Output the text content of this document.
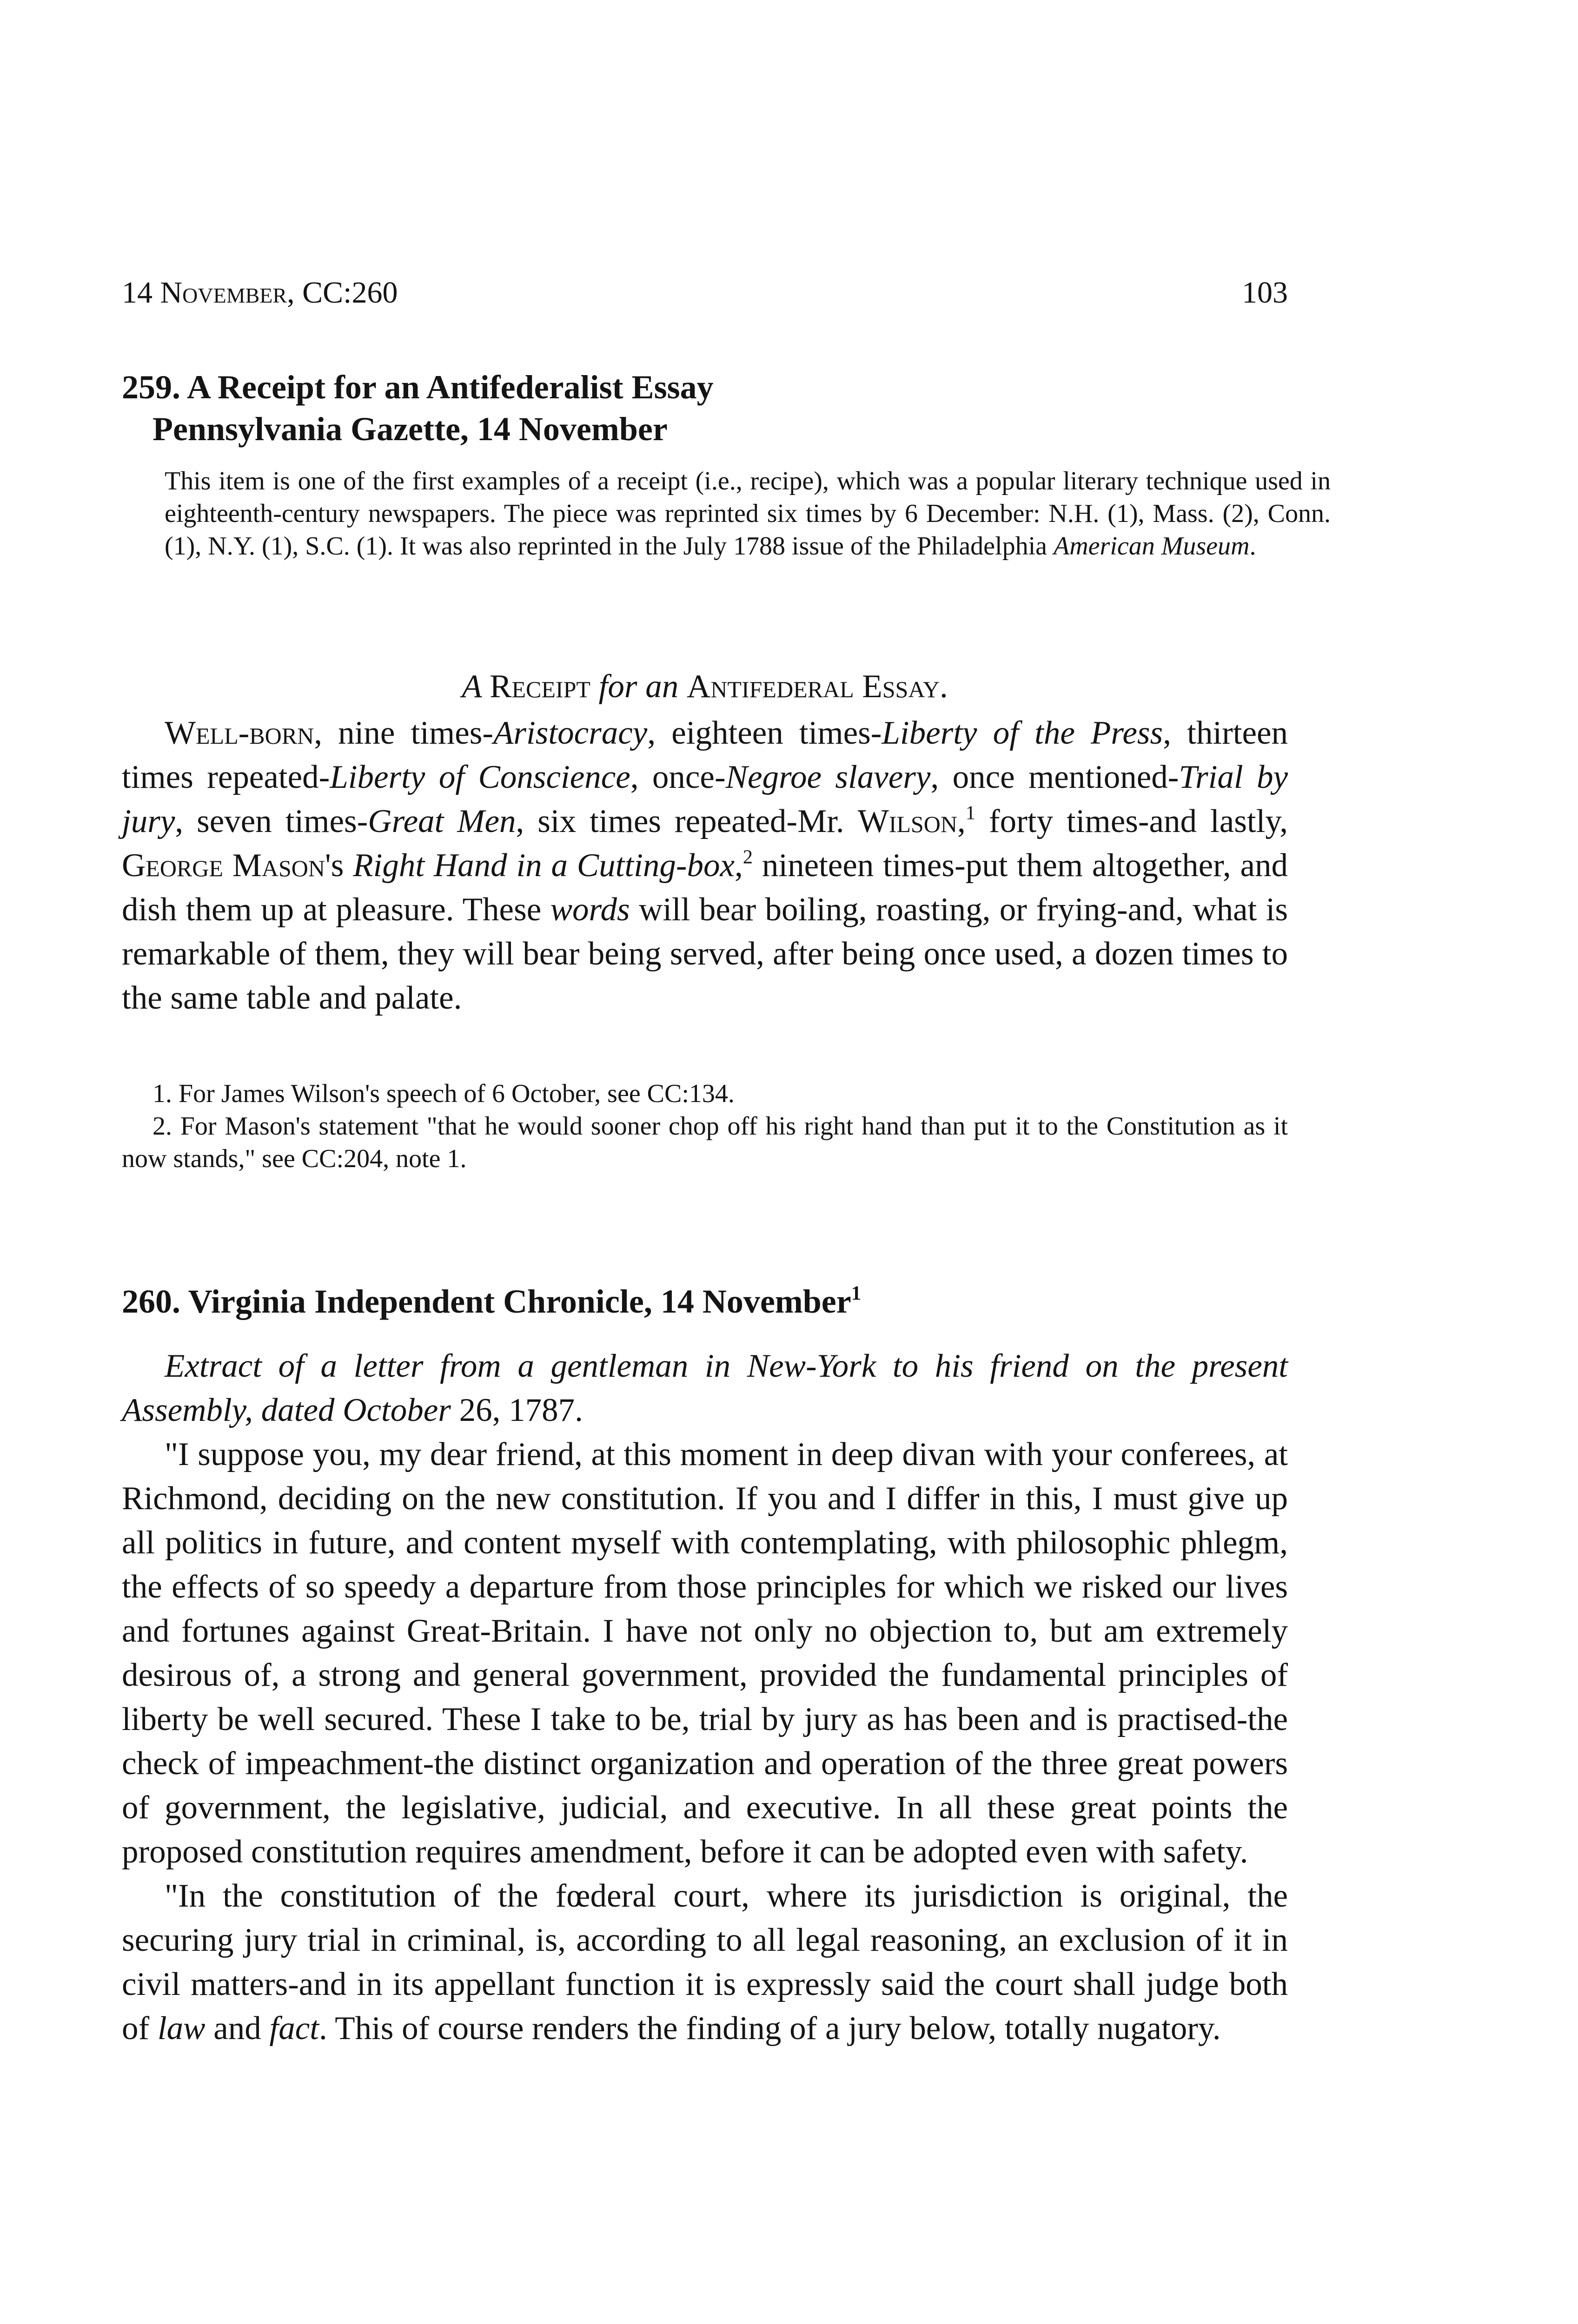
14 November, CC:260	103
259. A Receipt for an Antifederalist Essay
Pennsylvania Gazette, 14 November

This item is one of the first examples of a receipt (i.e., recipe), which was a popular literary technique used in eighteenth-century newspapers. The piece was reprinted six times by 6 December: N.H. (1), Mass. (2), Conn. (1), N.Y. (1), S.C. (1). It was also reprinted in the July 1788 issue of the Philadelphia American Museum.

A Receipt for an Antifederal Essay.

Well-born, nine times-Aristocracy, eighteen times-Liberty of the Press, thirteen times repeated-Liberty of Conscience, once-Negroe slavery, once mentioned-Trial by jury, seven times-Great Men, six times repeated-Mr. Wilson,$^1$ forty times-and lastly, George Mason's Right Hand in a Cutting-box,$^2$ nineteen times-put them altogether, and dish them up at pleasure. These words will bear boiling, roasting, or frying-and, what is remarkable of them, they will bear being served, after being once used, a dozen times to the same table and palate.

1. For James Wilson's speech of 6 October, see CC:134.

2. For Mason's statement "that he would sooner chop off his right hand than put it to the Constitution as it now stands," see CC:204, note 1.

260. Virginia Independent Chronicle, 14 November$^1$

Extract of a letter from a gentleman in New-York to his friend on the present Assembly, dated October 26, 1787.

"I suppose you, my dear friend, at this moment in deep divan with your conferees, at Richmond, deciding on the new constitution. If you and I differ in this, I must give up all politics in future, and content myself with contemplating, with philosophic phlegm, the effects of so speedy a departure from those principles for which we risked our lives and fortunes against Great-Britain. I have not only no objection to, but am extremely desirous of, a strong and general government, provided the fundamental principles of liberty be well secured. These I take to be, trial by jury as has been and is practised-the check of impeachment-the distinct organization and operation of the three great powers of government, the legislative, judicial, and executive. In all these great points the proposed constitution requires amendment, before it can be adopted even with safety.

"In the constitution of the fœderal court, where its jurisdiction is original, the securing jury trial in criminal, is, according to all legal reasoning, an exclusion of it in civil matters-and in its appellant function it is expressly said the court shall judge both of law and fact. This of course renders the finding of a jury below, totally nugatory.
